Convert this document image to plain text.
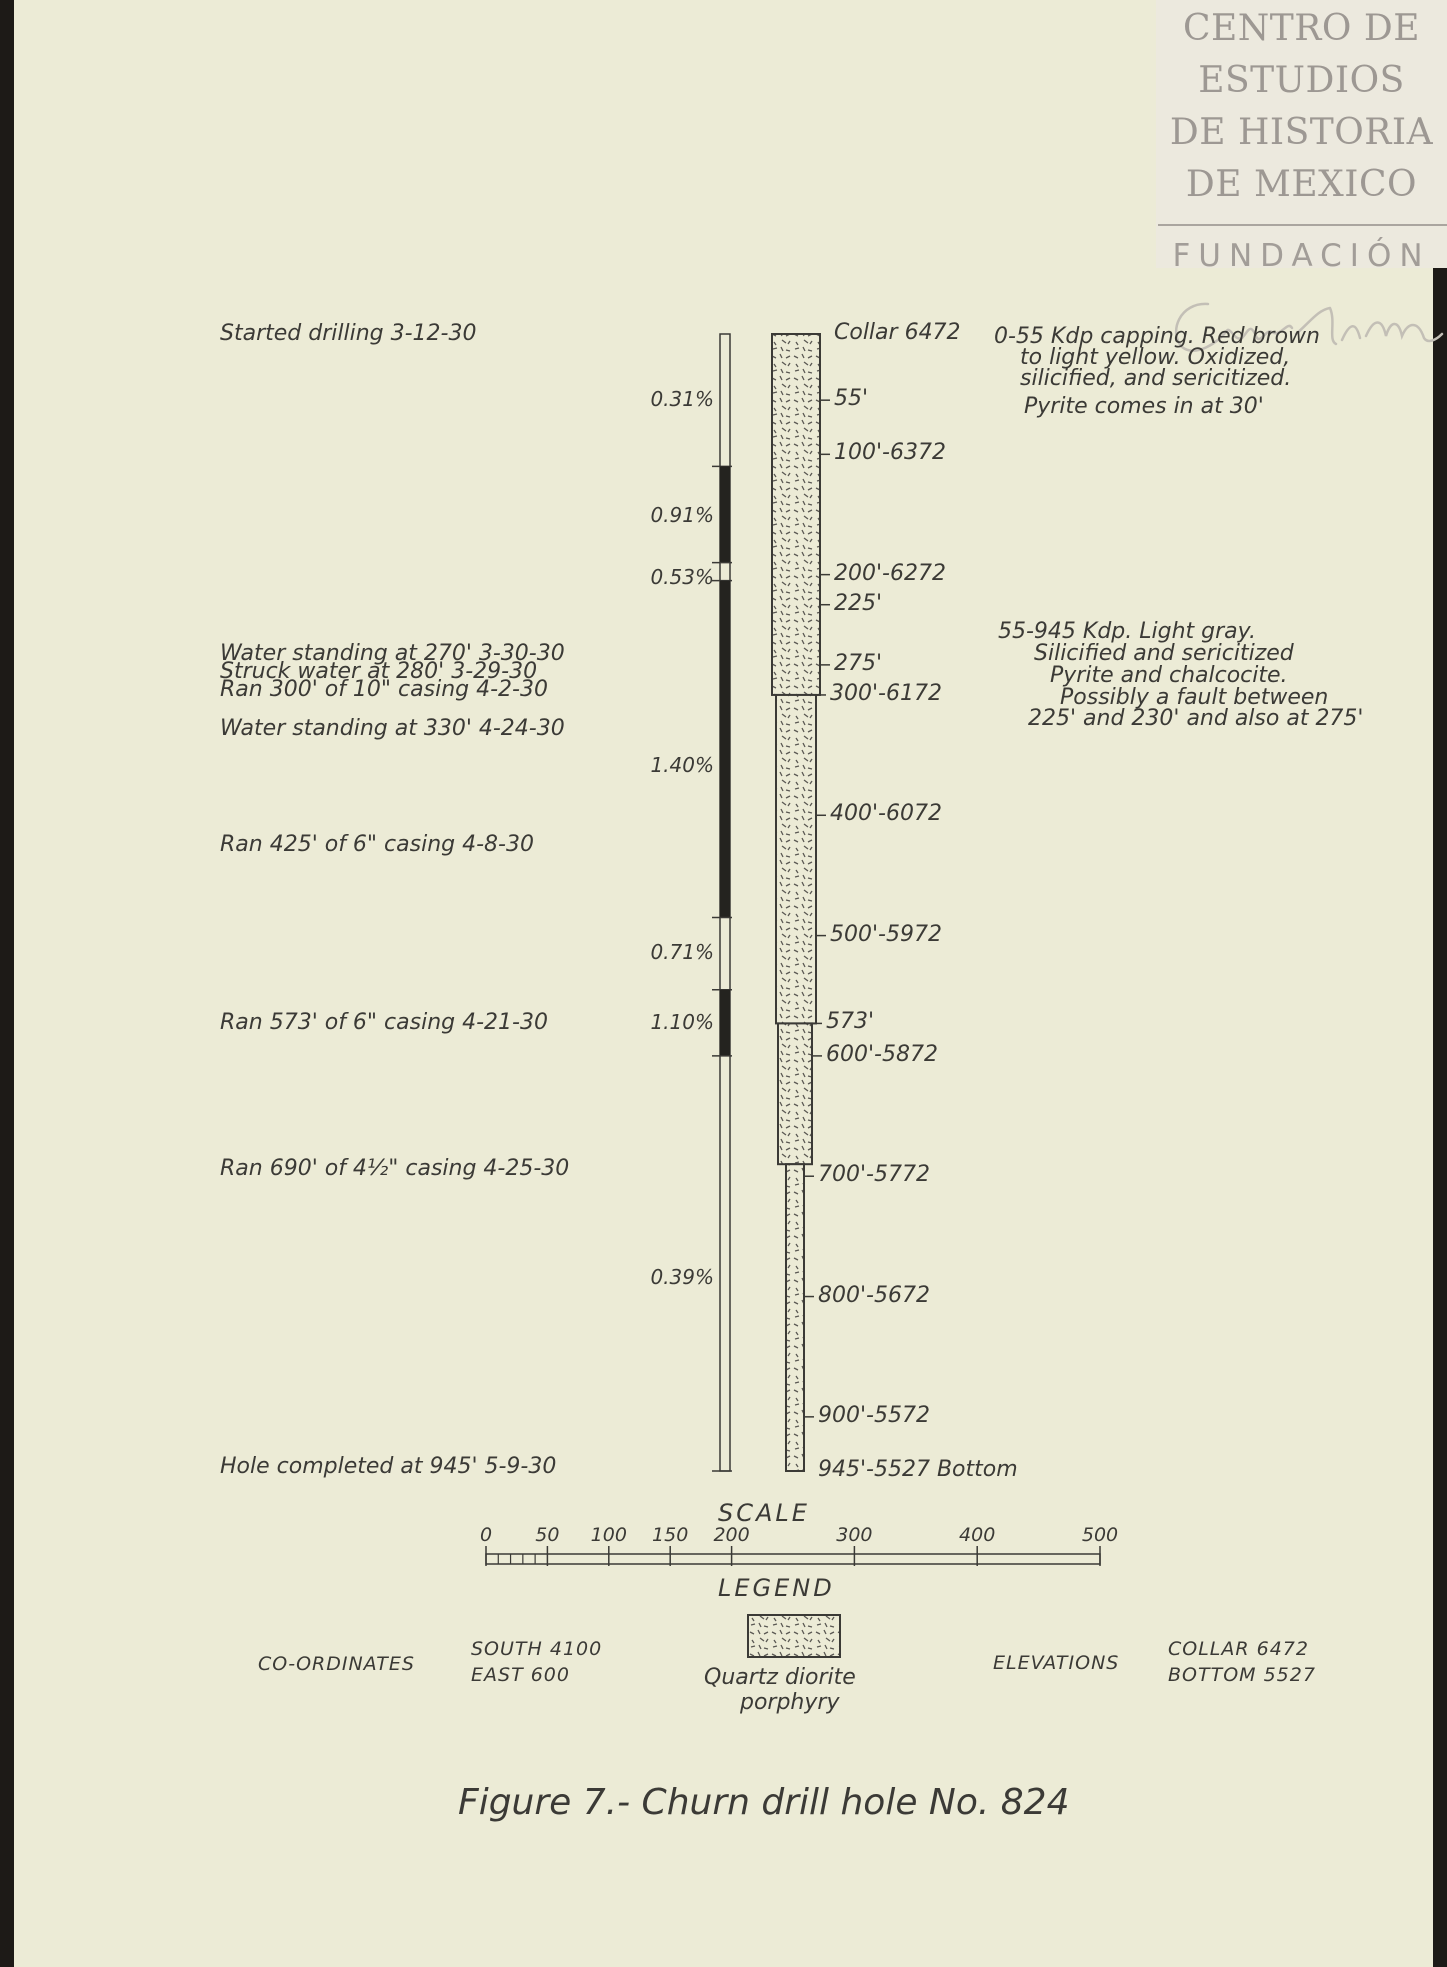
CENTRO DE
ESTUDIOS
DE HISTORIA
DE MEXICO
FUNDACIÓN
Collar 6472
55'
100'-6372
200'-6272
225'
275'
300'-6172
400'-6072
500'-5972
573'
600'-5872
700'-5772
800'-5672
900'-5572
945'-5527 Bottom
0.31%
0.91%
0.53%
1.40%
0.71%
1.10%
0.39%
Started drilling 3-12-30
Water standing at 270' 3-30-30
Struck water at 280' 3-29-30
Ran 300' of 10" casing 4-2-30
Water standing at 330' 4-24-30
Ran 425' of 6" casing 4-8-30
Ran 573' of 6" casing 4-21-30
Ran 690' of 4½" casing 4-25-30
Hole completed at 945' 5-9-30
0-55 Kdp capping. Red brown
to light yellow. Oxidized,
silicified, and sericitized.
Pyrite comes in at 30'
55-945 Kdp. Light gray.
Silicified and sericitized
Pyrite and chalcocite.
Possibly a fault between
225' and 230' and also at 275'
0	50	100	150	200	300	400	500
SCALE
LEGEND
CO-ORDINATES
SOUTH 4100
EAST 600	Quartz diorite
porphyry
ELEVATIONS
COLLAR 6472
BOTTOM 5527
Figure 7.- Churn drill hole No. 824
